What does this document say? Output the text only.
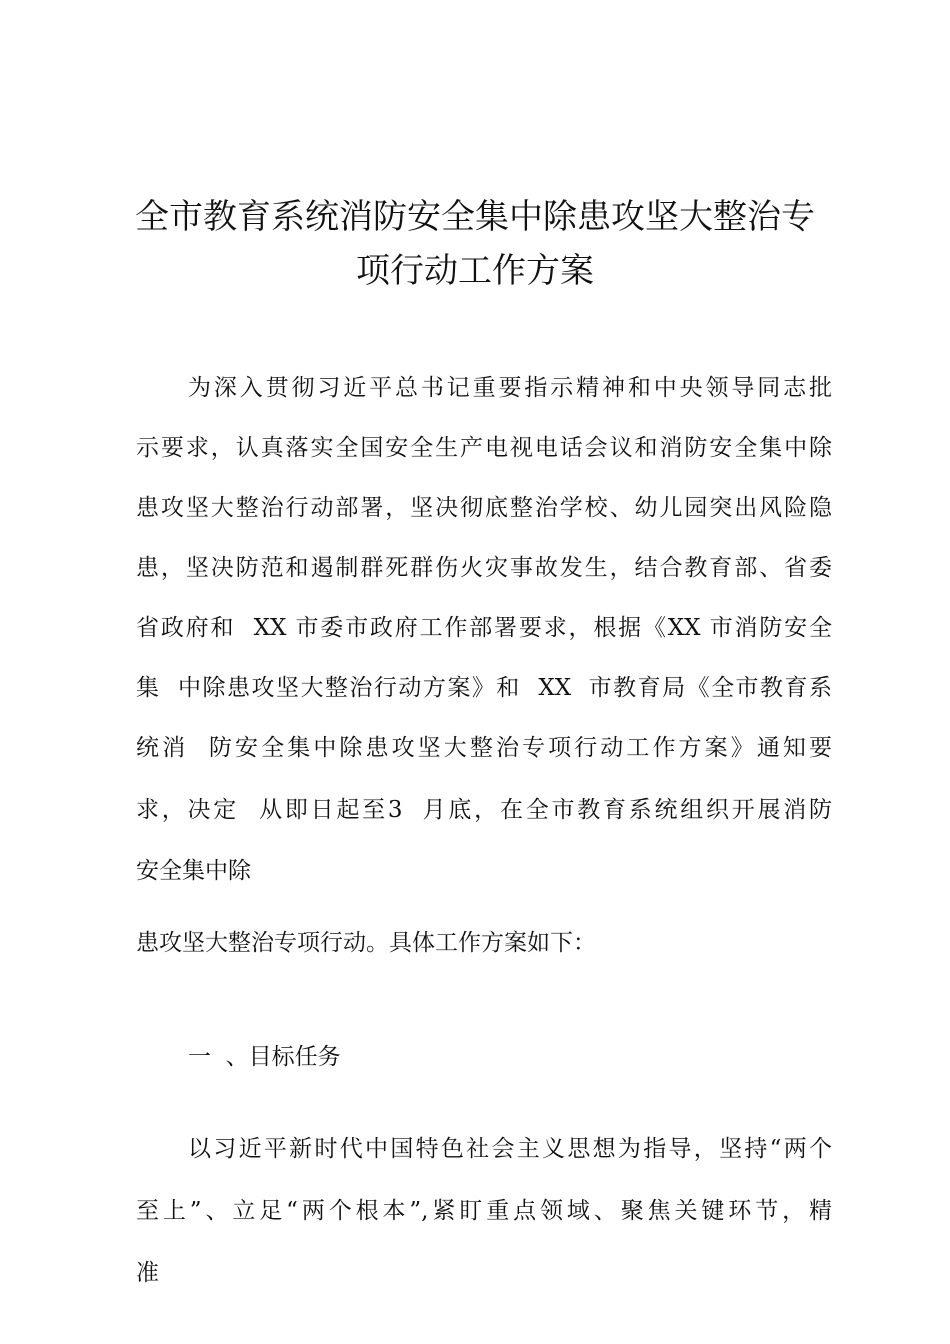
全市教育系统消防安全集中除患攻坚大整治专
项行动工作方案

为深入贯彻习近平总书记重要指示精神和中央领导同志批

示要求，认真落实全国安全生产电视电话会议和消防安全集中除

患攻坚大整治行动部署，坚决彻底整治学校、幼儿园突出风险隐

患，坚决防范和遏制群死群伤火灾事故发生，结合教育部、省委

省政府和  XX 市委市政府工作部署要求，根据《XX 市消防安全

集  中除患攻坚大整治行动方案》和  XX  市教育局《全市教育系

统消  防安全集中除患攻坚大整治专项行动工作方案》通知要

求，决定  从即日起至3  月底，在全市教育系统组织开展消防

安全集中除

患攻坚大整治专项行动。具体工作方案如下：

一  、目标任务

以习近平新时代中国特色社会主义思想为指导，坚持“两个

至上”、立足“两个根本”,紧盯重点领域、聚焦关键环节，精

准
